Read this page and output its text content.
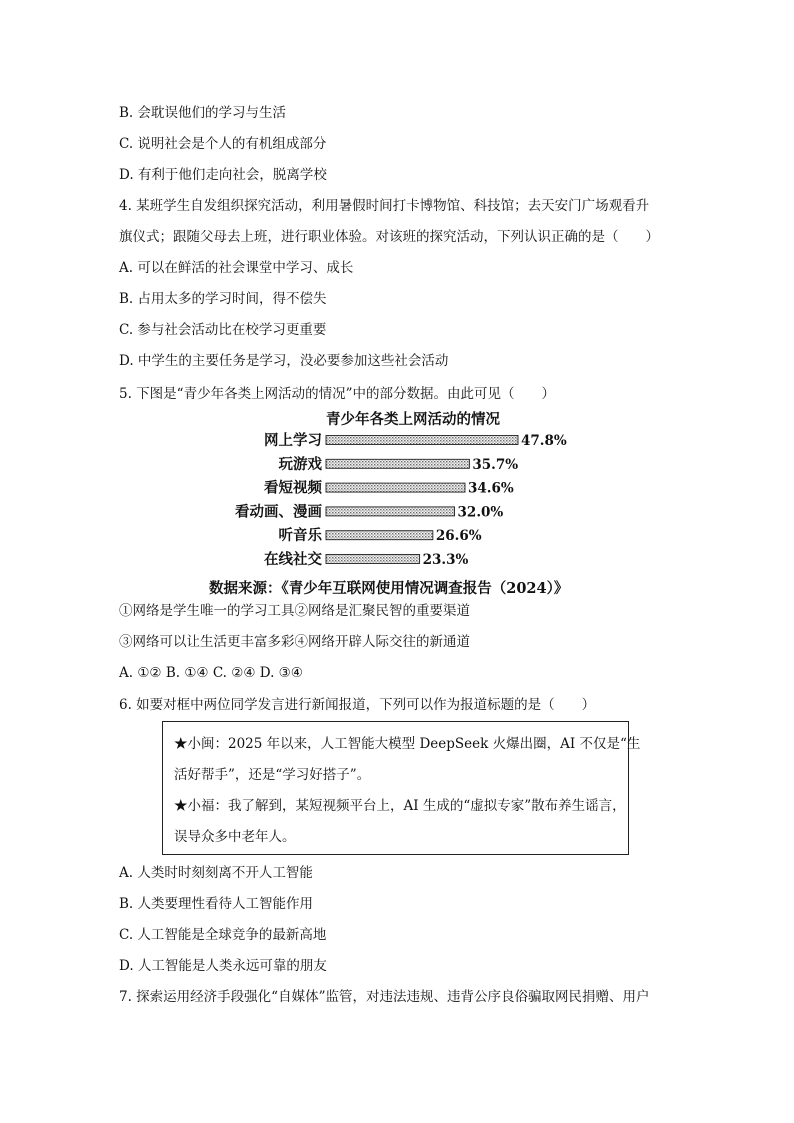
B. 会耽误他们的学习与生活
C. 说明社会是个人的有机组成部分
D. 有利于他们走向社会，脱离学校
4. 某班学生自发组织探究活动，利用暑假时间打卡博物馆、科技馆；去天安门广场观看升
旗仪式；跟随父母去上班，进行职业体验。对该班的探究活动，下列认识正确的是（　　）
A. 可以在鲜活的社会课堂中学习、成长
B. 占用太多的学习时间，得不偿失
C. 参与社会活动比在校学习更重要
D. 中学生的主要任务是学习，没必要参加这些社会活动
5. 下图是“青少年各类上网活动的情况”中的部分数据。由此可见（　　）
青少年各类上网活动的情况
网上学习	47.8%
玩游戏	35.7%
看短视频	34.6%
看动画、漫画	32.0%
听音乐	26.6%
在线社交	23.3%
数据来源：《青少年互联网使用情况调查报告（2024）》
①网络是学生唯一的学习工具②网络是汇聚民智的重要渠道
③网络可以让生活更丰富多彩④网络开辟人际交往的新通道
A. ①② B. ①④ C. ②④ D. ③④
6. 如要对框中两位同学发言进行新闻报道，下列可以作为报道标题的是（　　）
★小闽：2025 年以来，人工智能大模型 DeepSeek 火爆出圈，AI 不仅是“生
活好帮手”，还是“学习好搭子”。
★小福：我了解到，某短视频平台上，AI 生成的“虚拟专家”散布养生谣言，
误导众多中老年人。
A. 人类时时刻刻离不开人工智能
B. 人类要理性看待人工智能作用
C. 人工智能是全球竞争的最新高地
D. 人工智能是人类永远可靠的朋友
7. 探索运用经济手段强化“自媒体”监管，对违法违规、违背公序良俗骗取网民捐赠、用户
